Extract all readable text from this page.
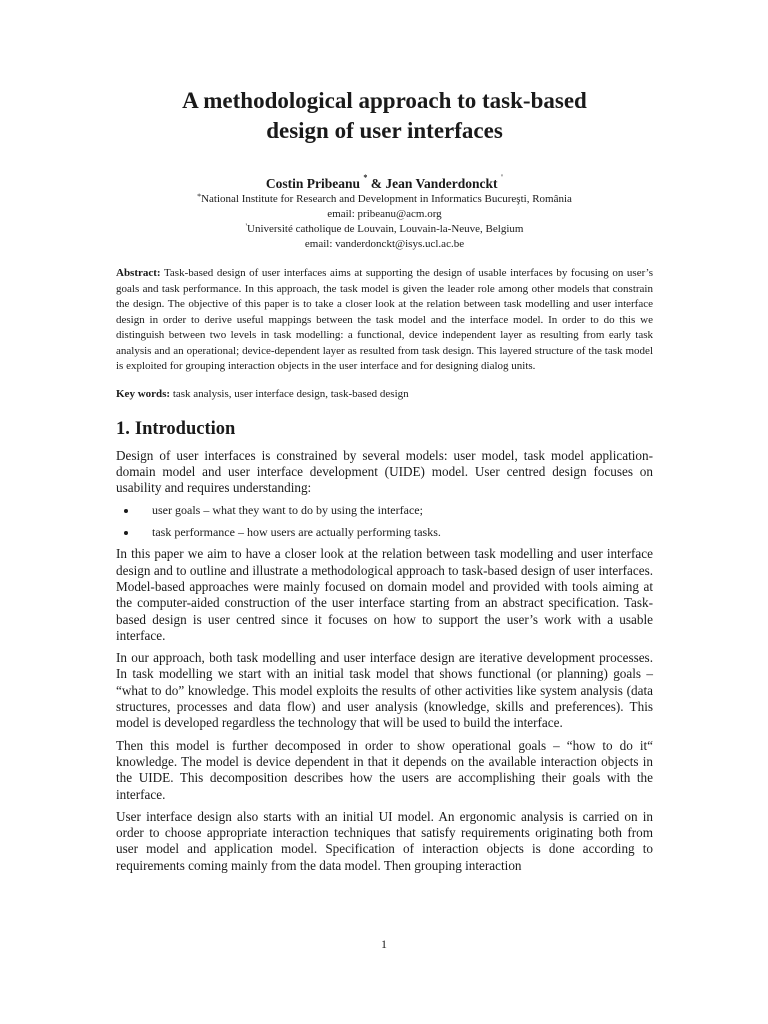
A methodological approach to task-based design of user interfaces
Costin Pribeanu * & Jean Vanderdonckt '
*National Institute for Research and Development in Informatics Bucureşti, România
email: pribeanu@acm.org
'Université catholique de Louvain, Louvain-la-Neuve, Belgium
email: vanderdonckt@isys.ucl.ac.be
Abstract: Task-based design of user interfaces aims at supporting the design of usable interfaces by focusing on user’s goals and task performance. In this approach, the task model is given the leader role among other models that constrain the design. The objective of this paper is to take a closer look at the relation between task modelling and user interface design in order to derive useful mappings between the task model and the interface model. In order to do this we distinguish between two levels in task modelling: a functional, device independent layer as resulting from early task analysis and an operational; device-dependent layer as resulted from task design. This layered structure of the task model is exploited for grouping interaction objects in the user interface and for designing dialog units.
Key words: task analysis, user interface design, task-based design
1. Introduction

Design of user interfaces is constrained by several models: user model, task model application-domain model and user interface development (UIDE) model. User centred design focuses on usability and requires understanding:

• user goals – what they want to do by using the interface;
• task performance – how users are actually performing tasks.

In this paper we aim to have a closer look at the relation between task modelling and user interface design and to outline and illustrate a methodological approach to task-based design of user interfaces. Model-based approaches were mainly focused on domain model and provided with tools aiming at the computer-aided construction of the user interface starting from an abstract specification. Task-based design is user centred since it focuses on how to support the user’s work with a usable interface.

In our approach, both task modelling and user interface design are iterative development processes. In task modelling we start with an initial task model that shows functional (or planning) goals – “what to do” knowledge. This model exploits the results of other activities like system analysis (data structures, processes and data flow) and user analysis (knowledge, skills and preferences). This model is developed regardless the technology that will be used to build the interface.

Then this model is further decomposed in order to show operational goals – “how to do it“ knowledge. The model is device dependent in that it depends on the available interaction objects in the UIDE. This decomposition describes how the users are accomplishing their goals with the interface.

User interface design also starts with an initial UI model. An ergonomic analysis is carried on in order to choose appropriate interaction techniques that satisfy requirements originating both from user model and application model. Specification of interaction objects is done according to requirements coming mainly from the data model. Then grouping interaction

1
